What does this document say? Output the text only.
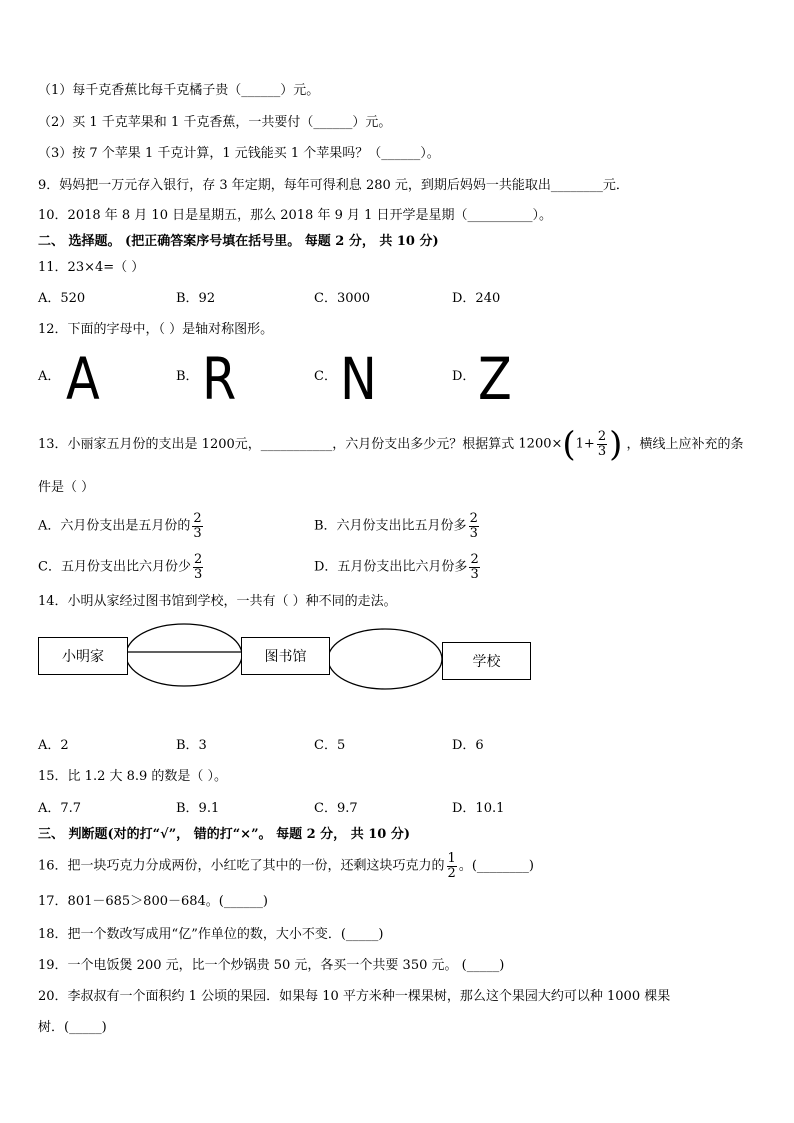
（1）每千克香蕉比每千克橘子贵（______）元。
（2）买 1 千克苹果和 1 千克香蕉，一共要付（______）元。
（3）按 7 个苹果 1 千克计算，1 元钱能买 1 个苹果吗？（______）。
9．妈妈把一万元存入银行，存 3 年定期，每年可得利息 280 元，到期后妈妈一共能取出________元．
10．2018 年 8 月 10 日是星期五，那么 2018 年 9 月 1 日开学是星期（__________）。
二、 选择题。 (把正确答案序号填在括号里。 每题 2 分， 共 10 分)
11．23×4=（ ）
A．520	B．92	C．3000	D．240
12．下面的字母中，（ ）是轴对称图形。
A． A	B． R	C． N	D． Z
13．小丽家五月份的支出是 1200元，___________，六月份支出多少元？根据算式 $1200\times(1+ \frac{2}{3}$ ) ，横线上应补充的条
件是（ ）
A．六月份支出是五月份的 $\frac{2}{3}$	B．六月份支出比五月份多 $\frac{2}{3}$
C．五月份支出比六月份少 $\frac{2}{3}$	D．五月份支出比六月份多 $\frac{2}{3}$
14．小明从家经过图书馆到学校，一共有（ ）种不同的走法。
小明家	图书馆	学校
A．2	B．3	C．5	D．6
15．比 1.2 大 8.9 的数是（ ）。
A．7.7	B．9.1	C．9.7	D．10.1
三、 判断题(对的打“√”， 错的打“×”。 每题 2 分， 共 10 分)
16．把一块巧克力分成两份，小红吃了其中的一份，还剩这块巧克力的 $\frac{1}{2}$ 。(________)
17．801－685＞800－684。(______)
18．把一个数改写成用“亿”作单位的数，大小不变．(_____)
19．一个电饭煲 200 元，比一个炒锅贵 50 元，各买一个共要 350 元。 (_____)
20．李叔叔有一个面积约 1 公顷的果园．如果每 10 平方米种一棵果树，那么这个果园大约可以种 1000 棵果
树．(_____)
